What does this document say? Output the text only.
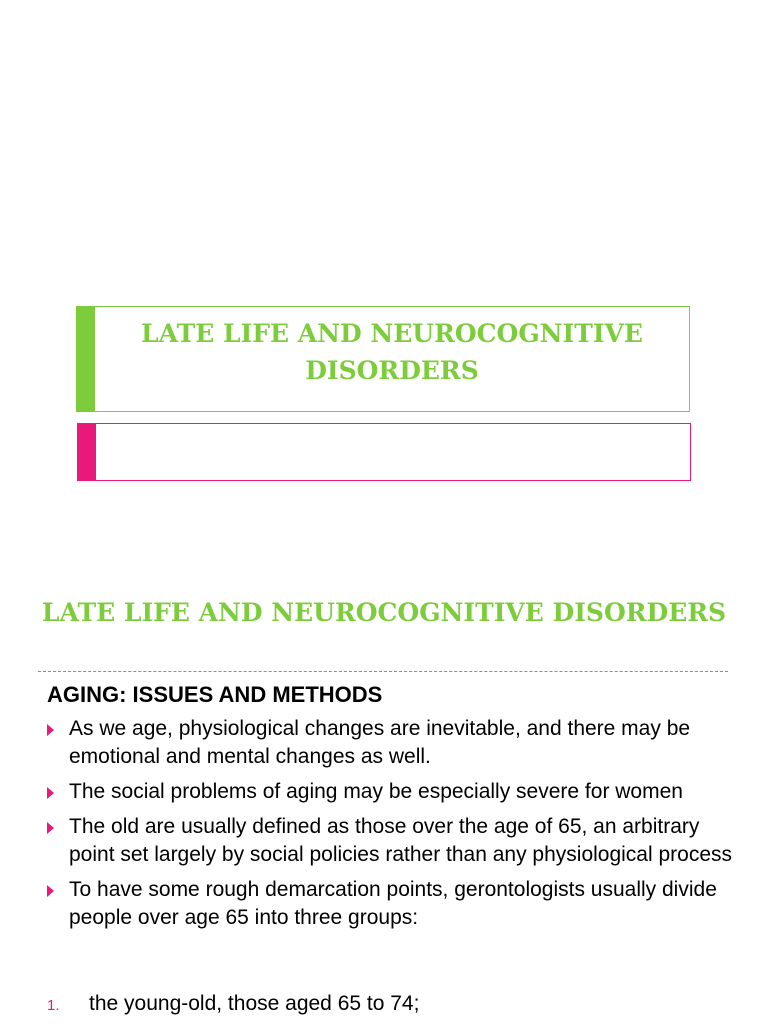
LATE LIFE AND NEUROCOGNITIVE DISORDERS
LATE LIFE AND NEUROCOGNITIVE DISORDERS
AGING: ISSUES AND METHODS
As we age, physiological changes are inevitable, and there may be emotional and mental changes as well.
The social problems of aging may be especially severe for women
The old are usually defined as those over the age of 65, an arbitrary point set largely by social policies rather than any physiological process
To have some rough demarcation points, gerontologists usually divide people over age 65 into three groups:
1. the young-old, those aged 65 to 74;
